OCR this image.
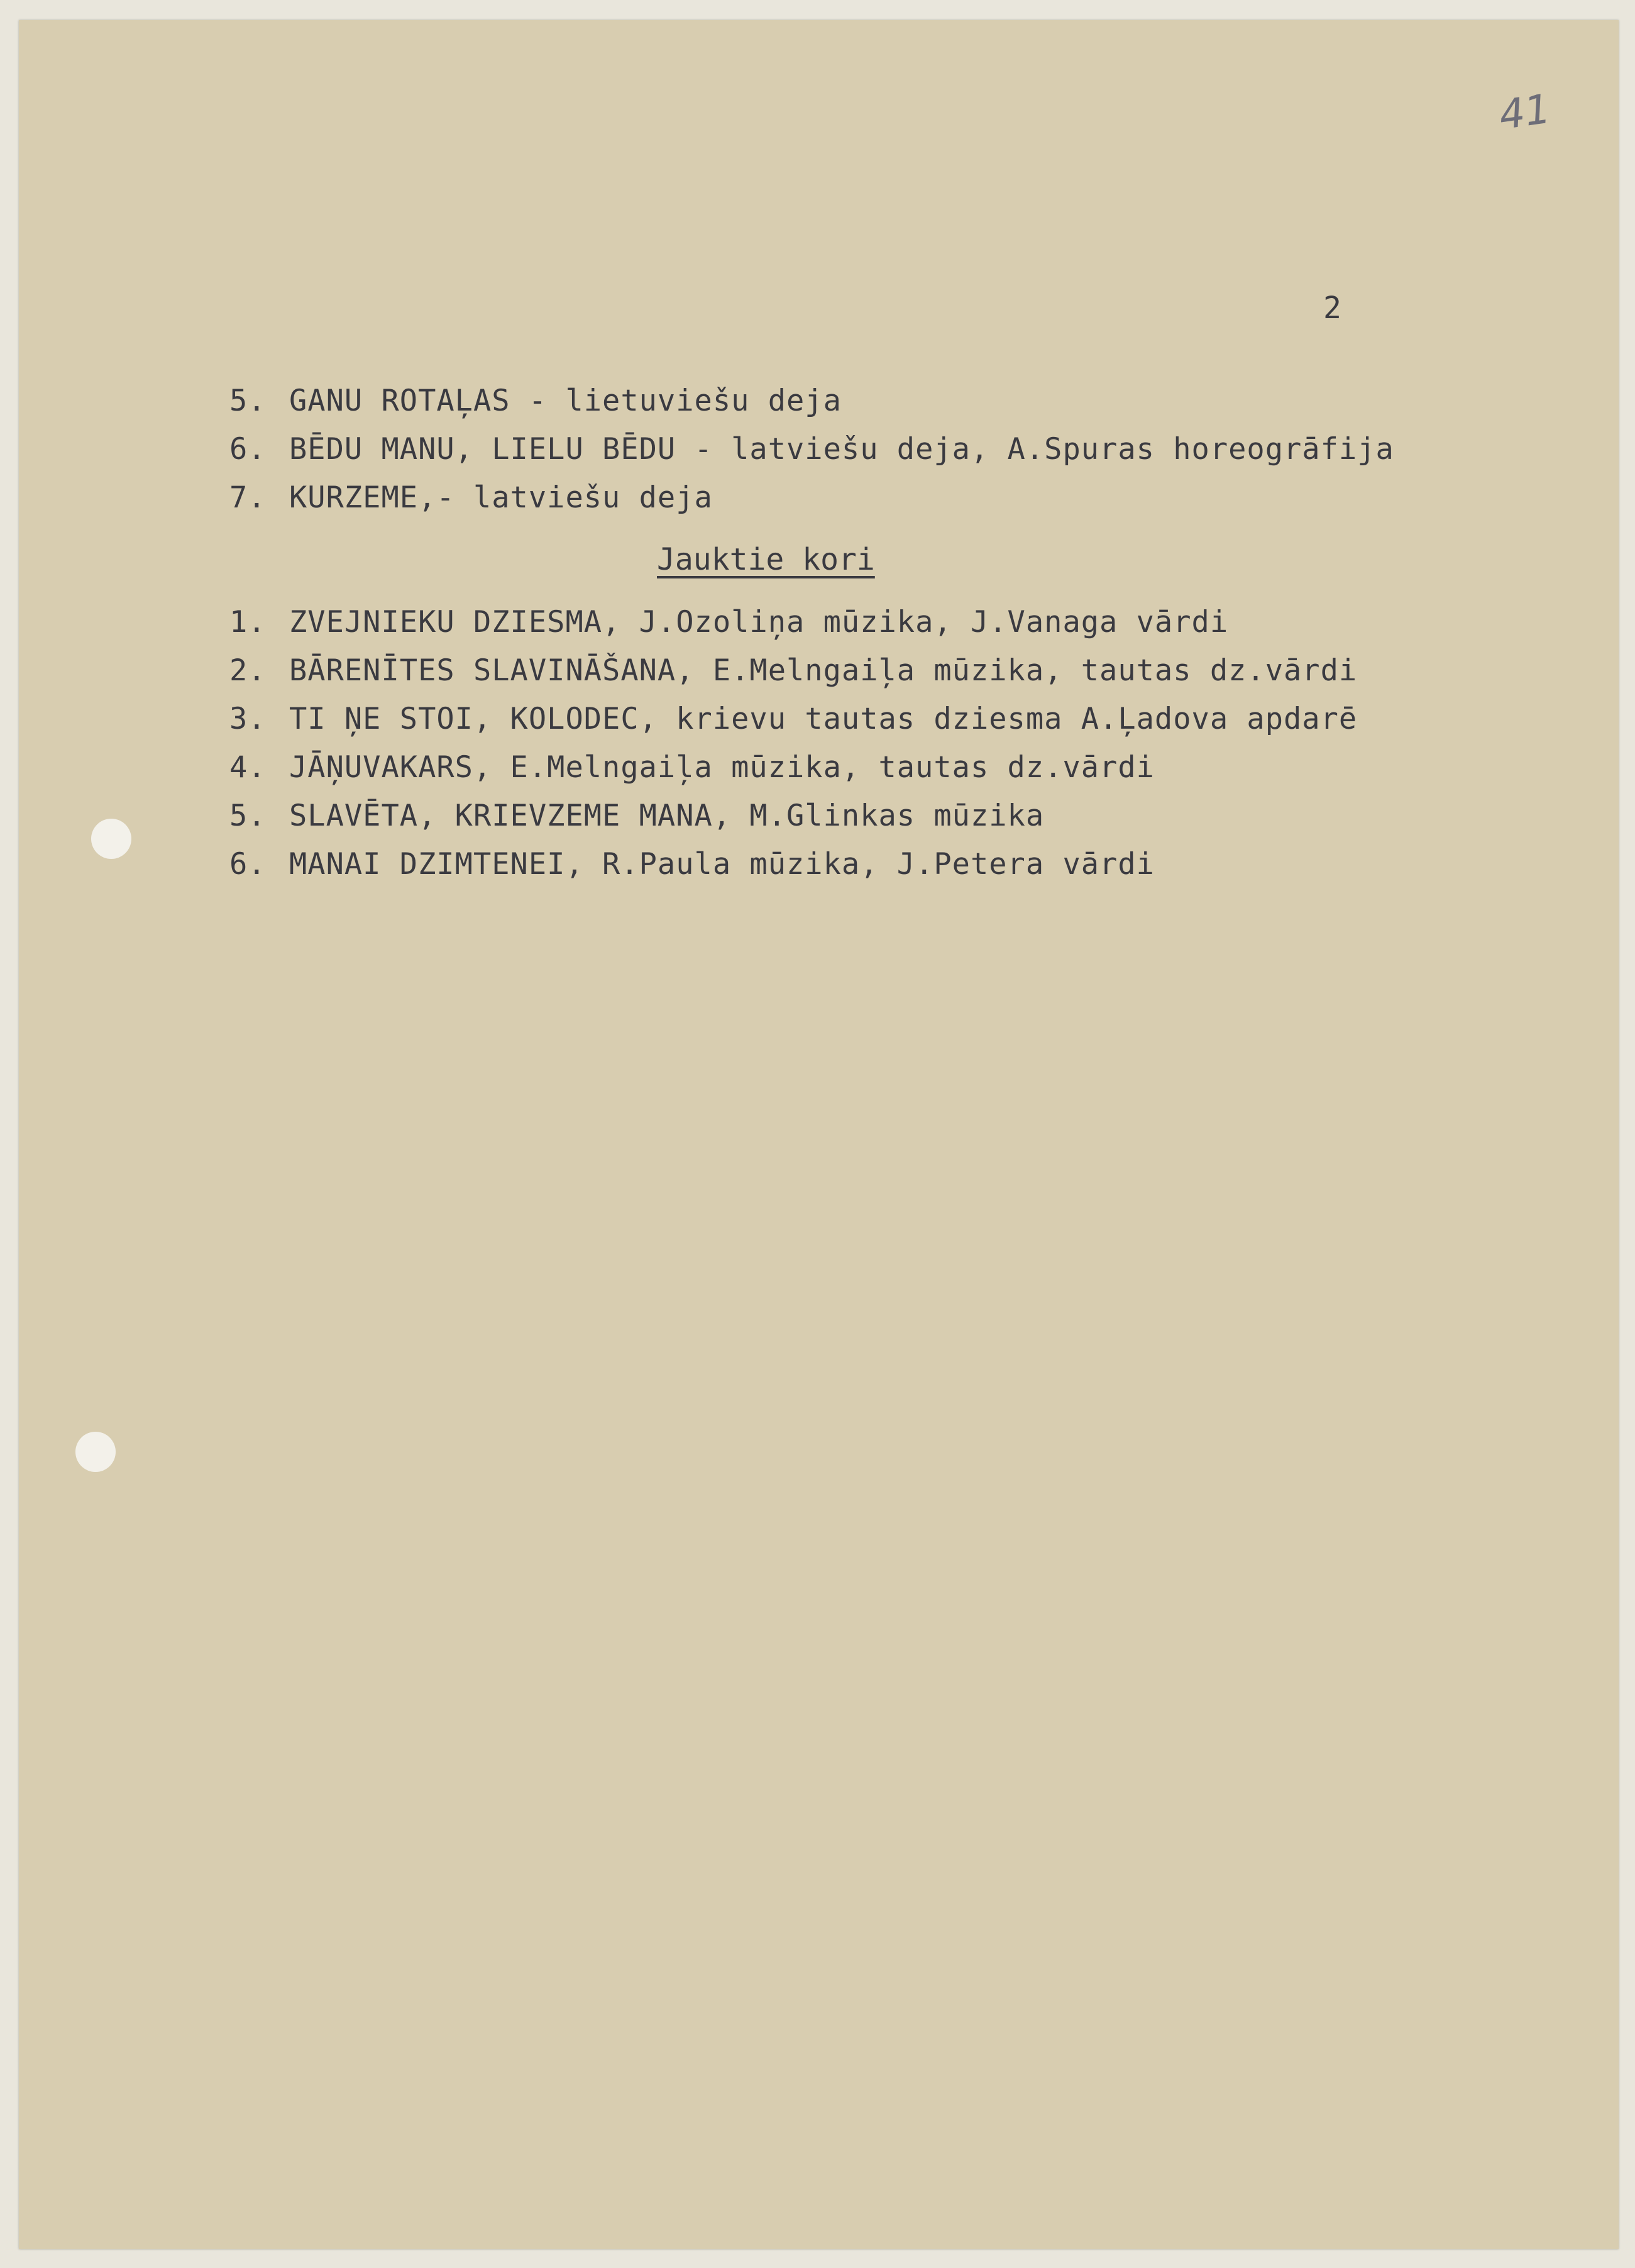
41
2
5. GANU ROTAĻAS - lietuviešu deja
6. BĒDU MANU, LIELU BĒDU - latviešu deja, A.Spuras horeogrāfija
7. KURZEME,- latviešu deja
Jauktie kori
1. ZVEJNIEKU DZIESMA, J.Ozoliņa mūzika, J.Vanaga vārdi
2. BĀRENĪTES SLAVINĀŠANA, E.Melngaiļa mūzika, tautas dz.vārdi
3. TI ŅE STOI, KOLODEC, krievu tautas dziesma A.Ļadova apdarē
4. JĀŅUVAKARS, E.Melngaiļa mūzika, tautas dz.vārdi
5. SLAVĒTA, KRIEVZEME MANA, M.Glinkas mūzika
6. MANAI DZIMTENEI, R.Paula mūzika, J.Petera vārdi
